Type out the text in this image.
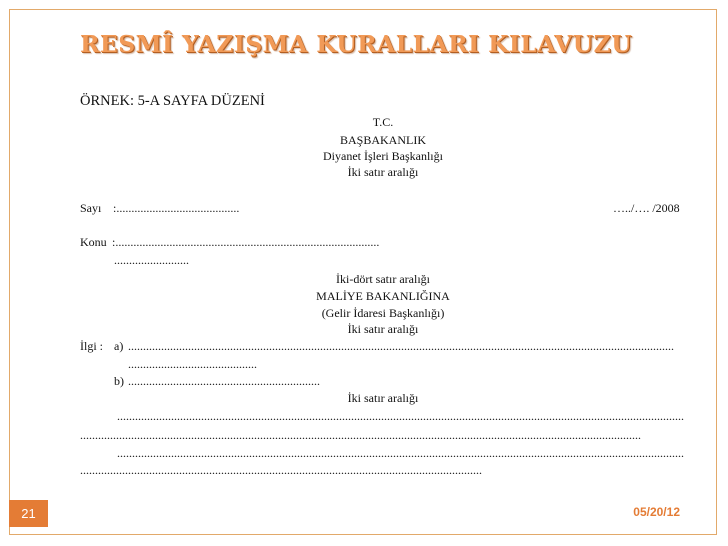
RESMÎ YAZIŞMA KURALLARI KILAVUZU
ÖRNEK: 5-A SAYFA DÜZENİ
T.C.
BAŞBAKANLIK
Diyanet İşleri Başkanlığı
İki satır aralığı
Sayı :.........................................	…../…. /2008
Konu :........................................................................................
.........................
İki-dört satır aralığı
MALİYE BAKANLIĞINA
(Gelir İdaresi Başkanlığı)
İki satır aralığı
İlgi : a) ......................................................................................................................................................................................
...........................................
b) ................................................................
İki satır aralığı
.............................................................................................................................................................................................
...........................................................................................................................................................................................
.............................................................................................................................................................................................
......................................................................................................................................
21	05/20/12
